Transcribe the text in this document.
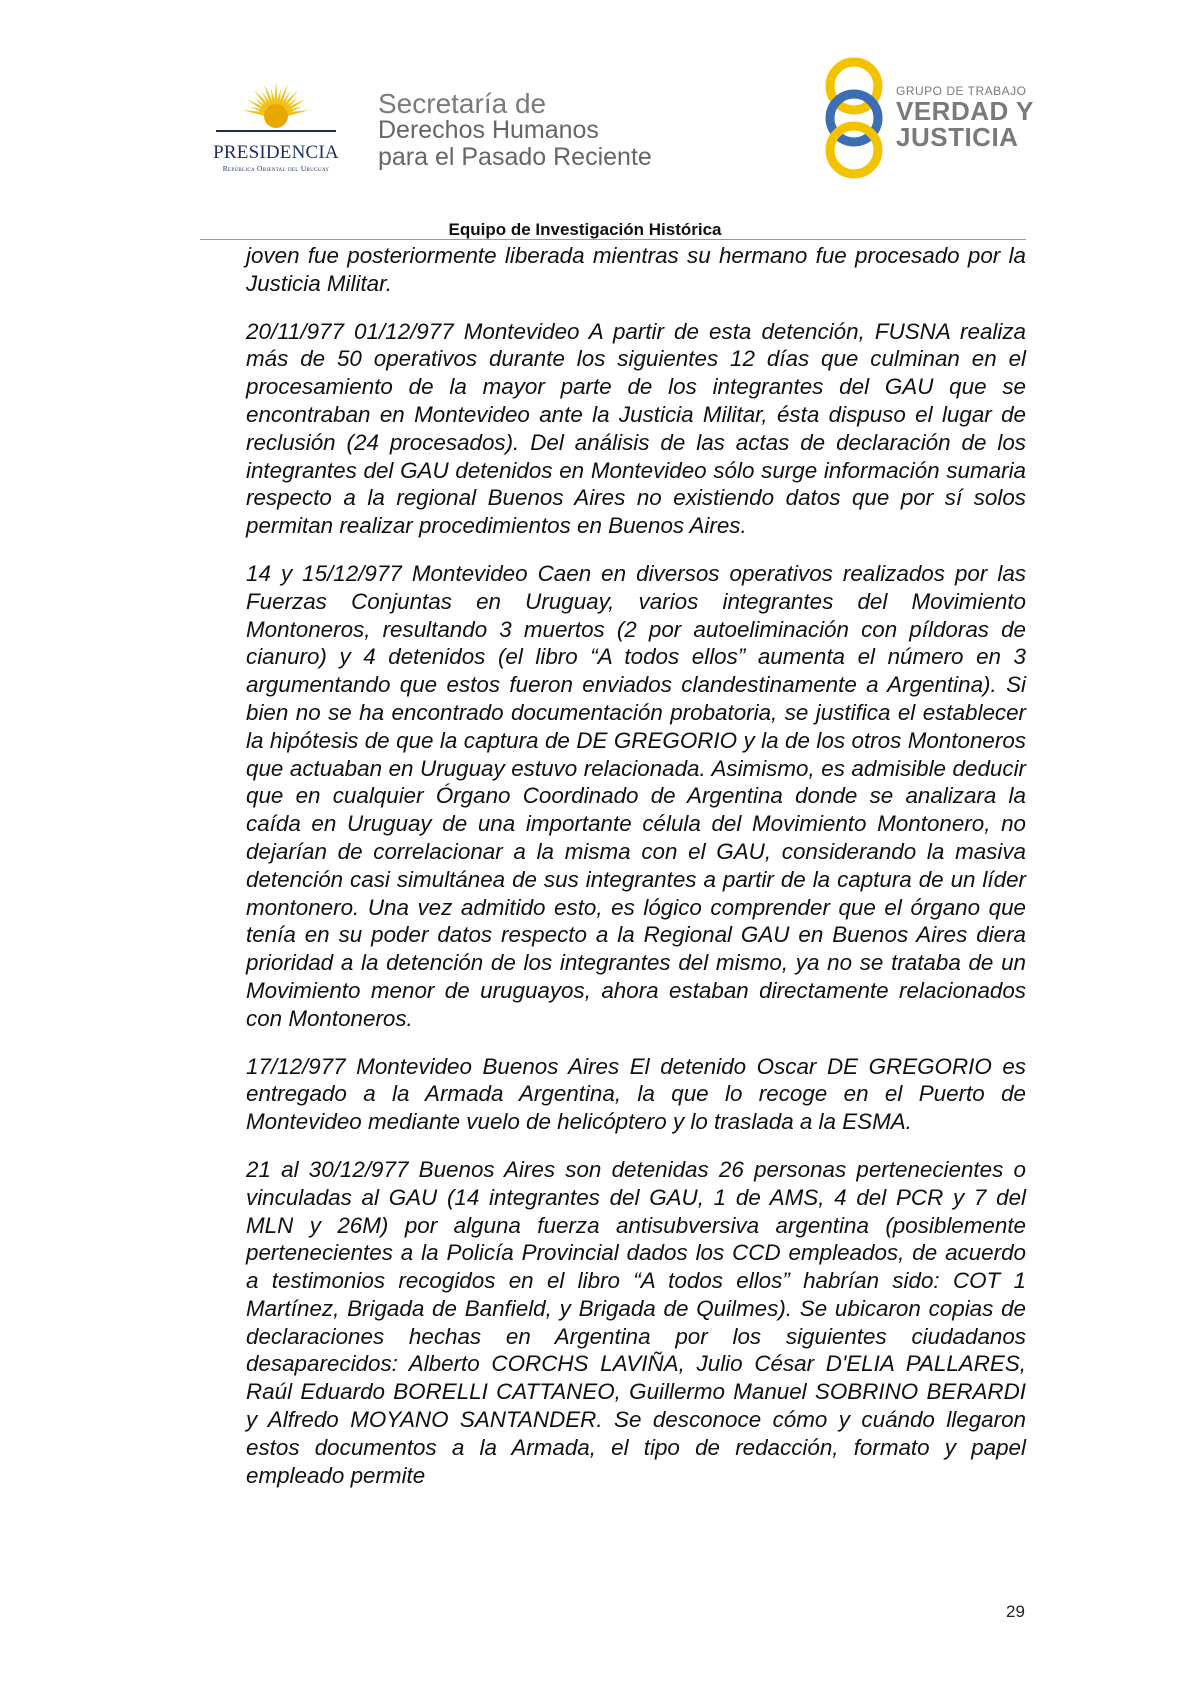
PRESIDENCIA
República Oriental del Uruguay
Secretaría de
Derechos Humanos
para el Pasado Reciente
GRUPO DE TRABAJO
VERDAD Y
JUSTICIA
Equipo de Investigación Histórica

joven fue posteriormente liberada mientras su hermano fue procesado por la Justicia Militar.

20/11/977 01/12/977 Montevideo A partir de esta detención, FUSNA realiza más de 50 operativos durante los siguientes 12 días que culminan en el procesamiento de la mayor parte de los integrantes del GAU que se encontraban en Montevideo ante la Justicia Militar, ésta dispuso el lugar de reclusión (24 procesados). Del análisis de las actas de declaración de los integrantes del GAU detenidos en Montevideo sólo surge información sumaria respecto a la regional Buenos Aires no existiendo datos que por sí solos permitan realizar procedimientos en Buenos Aires.

14 y 15/12/977 Montevideo Caen en diversos operativos realizados por las Fuerzas Conjuntas en Uruguay, varios integrantes del Movimiento Montoneros, resultando 3 muertos (2 por autoeliminación con píldoras de cianuro) y 4 detenidos (el libro “A todos ellos” aumenta el número en 3 argumentando que estos fueron enviados clandestinamente a Argentina). Si bien no se ha encontrado documentación probatoria, se justifica el establecer la hipótesis de que la captura de DE GREGORIO y la de los otros Montoneros que actuaban en Uruguay estuvo relacionada. Asimismo, es admisible deducir que en cualquier Órgano Coordinado de Argentina donde se analizara la caída en Uruguay de una importante célula del Movimiento Montonero, no dejarían de correlacionar a la misma con el GAU, considerando la masiva detención casi simultánea de sus integrantes a partir de la captura de un líder montonero. Una vez admitido esto, es lógico comprender que el órgano que tenía en su poder datos respecto a la Regional GAU en Buenos Aires diera prioridad a la detención de los integrantes del mismo, ya no se trataba de un Movimiento menor de uruguayos, ahora estaban directamente relacionados con Montoneros.

17/12/977 Montevideo Buenos Aires El detenido Oscar DE GREGORIO es entregado a la Armada Argentina, la que lo recoge en el Puerto de Montevideo mediante vuelo de helicóptero y lo traslada a la ESMA.

21 al 30/12/977 Buenos Aires son detenidas 26 personas pertenecientes o vinculadas al GAU (14 integrantes del GAU, 1 de AMS, 4 del PCR y 7 del MLN y 26M) por alguna fuerza antisubversiva argentina (posiblemente pertenecientes a la Policía Provincial dados los CCD empleados, de acuerdo a testimonios recogidos en el libro “A todos ellos” habrían sido: COT 1 Martínez, Brigada de Banfield, y Brigada de Quilmes). Se ubicaron copias de declaraciones hechas en Argentina por los siguientes ciudadanos desaparecidos: Alberto CORCHS LAVIÑA, Julio César D'ELIA PALLARES, Raúl Eduardo BORELLI CATTANEO, Guillermo Manuel SOBRINO BERARDI y Alfredo MOYANO SANTANDER. Se desconoce cómo y cuándo llegaron estos documentos a la Armada, el tipo de redacción, formato y papel empleado permite

29
